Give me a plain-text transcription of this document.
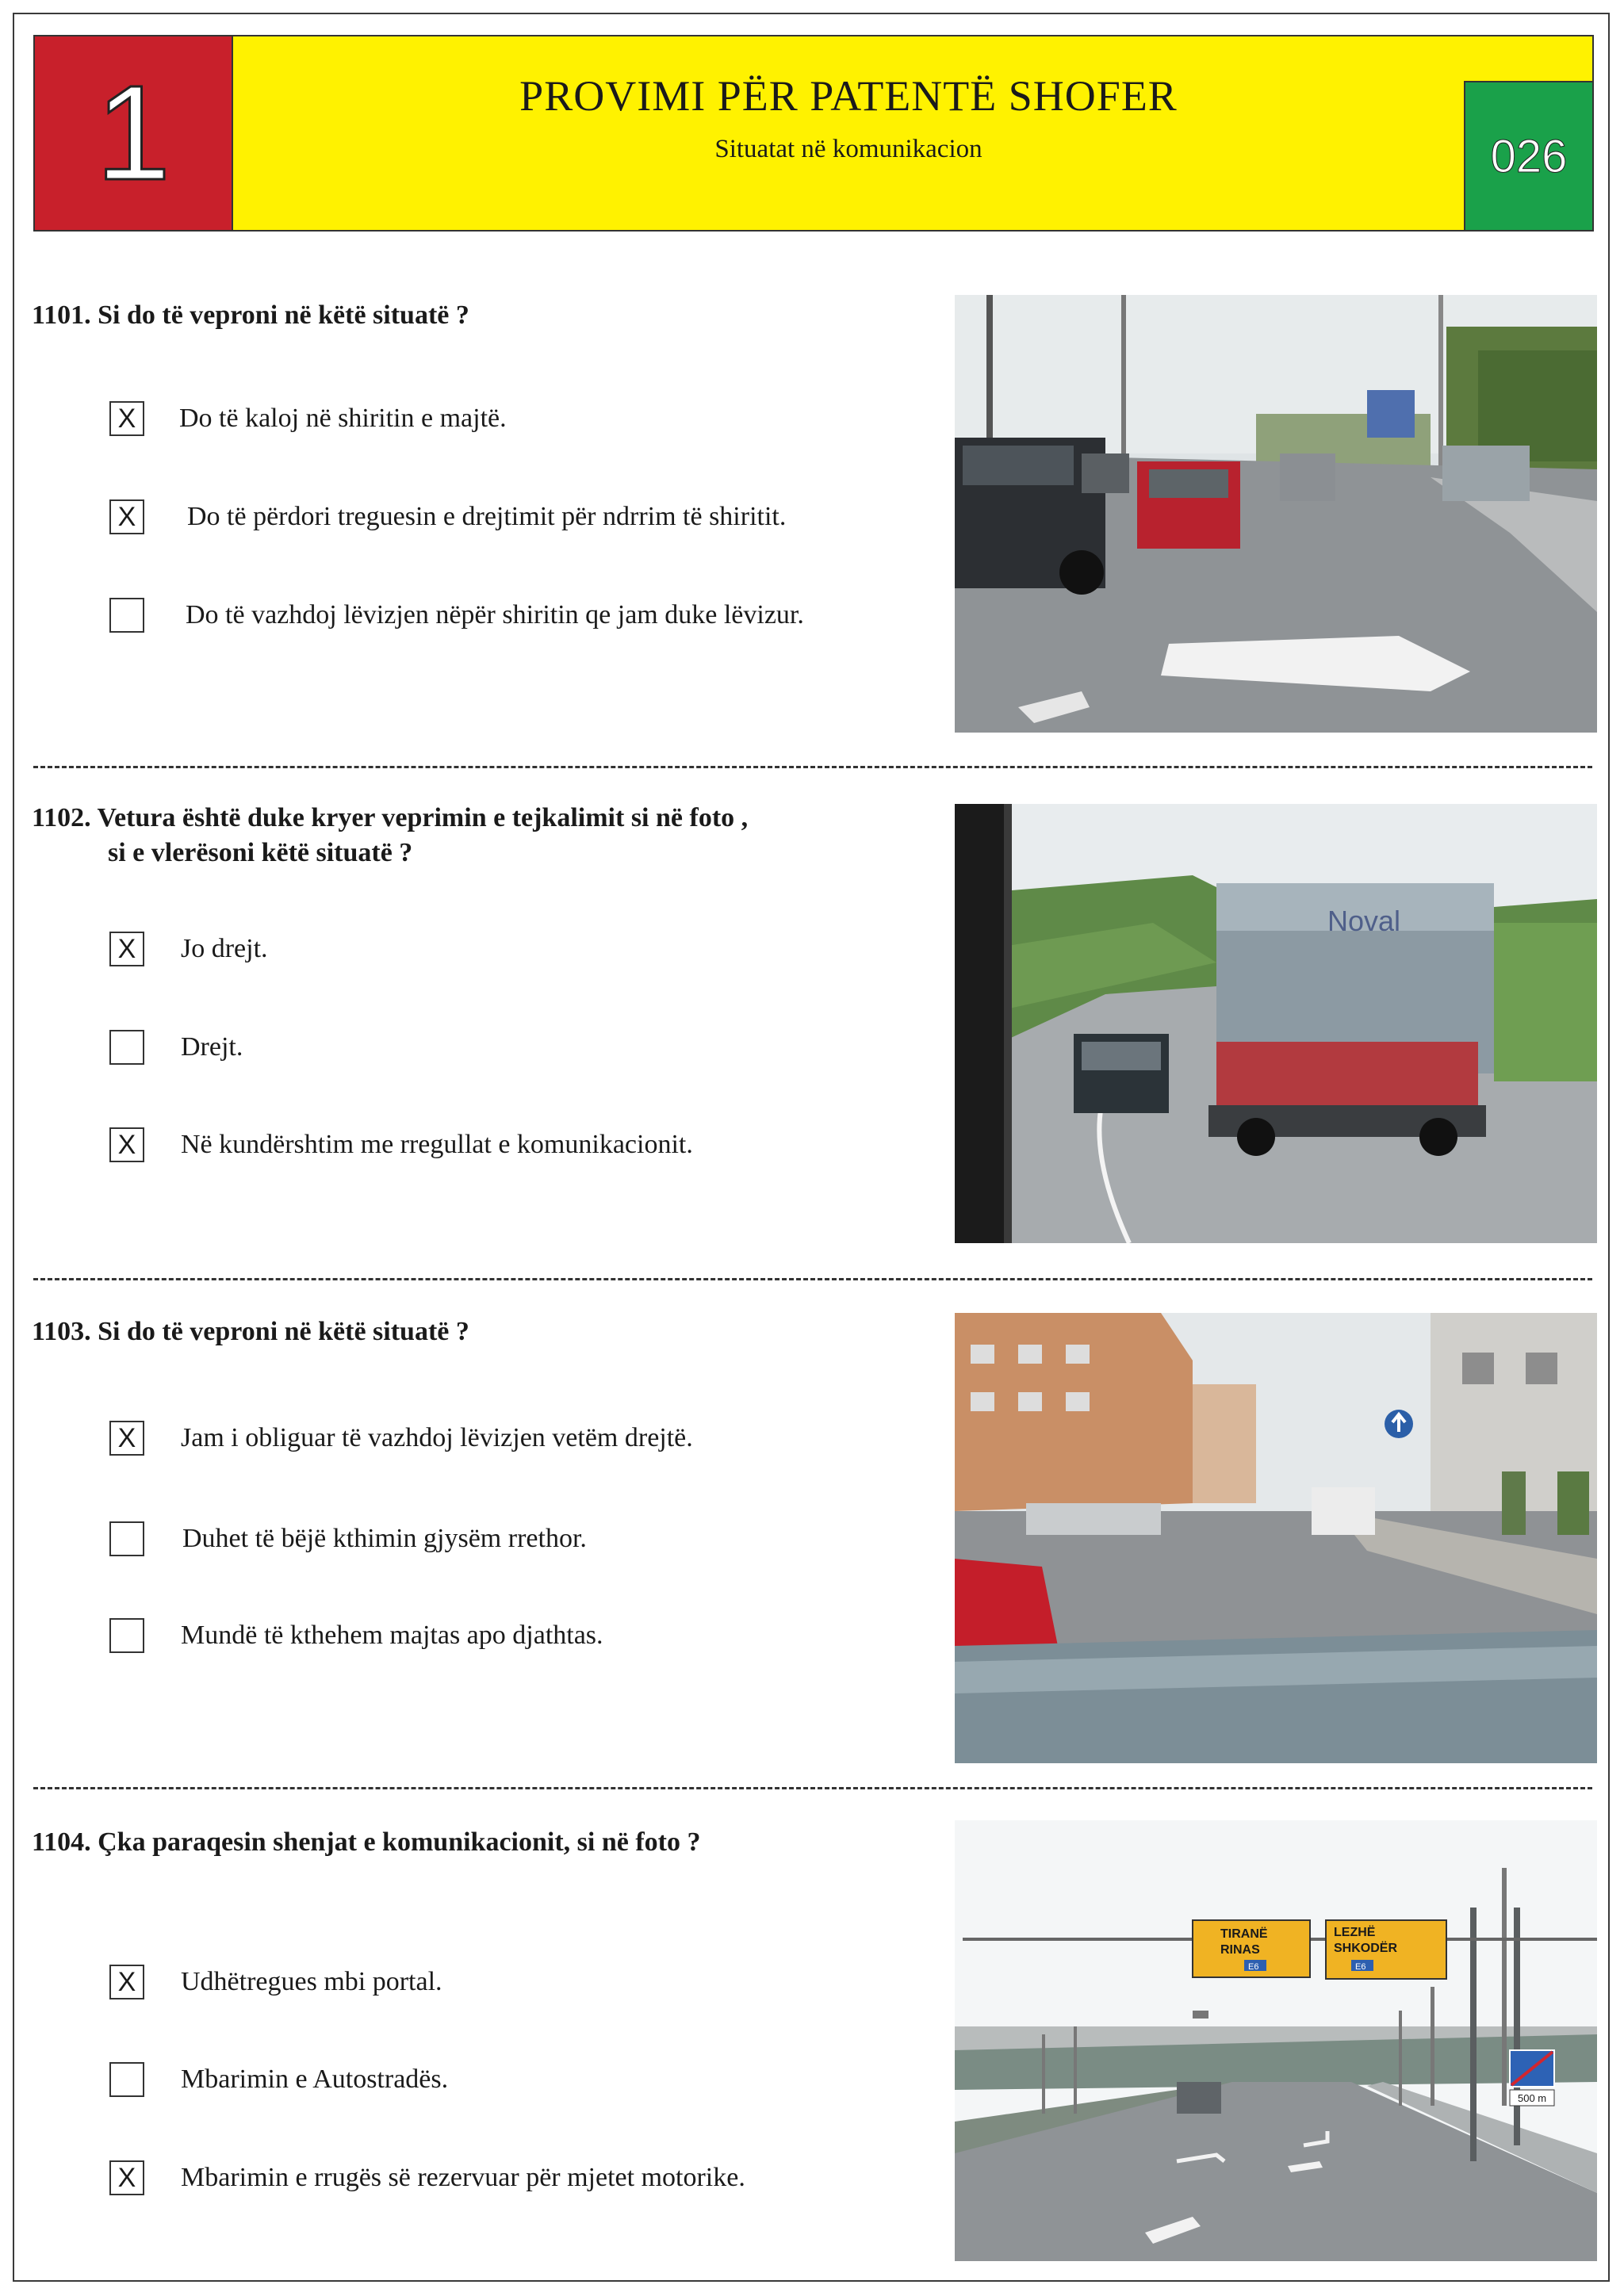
1	PROVIMI PËR PATENTË SHOFER
Situatat në komunikacion	026
1101. Si do të veproni në këtë situatë ?
X	Do të kaloj në shiritin e majtë.
X	Do të përdori treguesin e drejtimit për ndrrim të shiritit.
Do të vazhdoj lëvizjen nëpër shiritin qe jam duke lëvizur.
1102. Vetura është duke kryer veprimin e tejkalimit si në foto ,
si e vlerësoni këtë situatë ?
X	Jo drejt.
Drejt.
X	Në kundërshtim me rregullat e komunikacionit.
Noval
1103. Si do të veproni në këtë situatë ?
X	Jam i obliguar të vazhdoj lëvizjen vetëm drejtë.
Duhet të bëjë kthimin gjysëm rrethor.
Mundë të kthehem majtas apo djathtas.
1104. Çka paraqesin shenjat e komunikacionit, si në foto ?
X	Udhëtregues mbi portal.
Mbarimin e Autostradës.
X	Mbarimin e rrugës së rezervuar për mjetet motorike.
TIRANË
RINAS
E6
LEZHË
SHKODËR
E6
500 m
